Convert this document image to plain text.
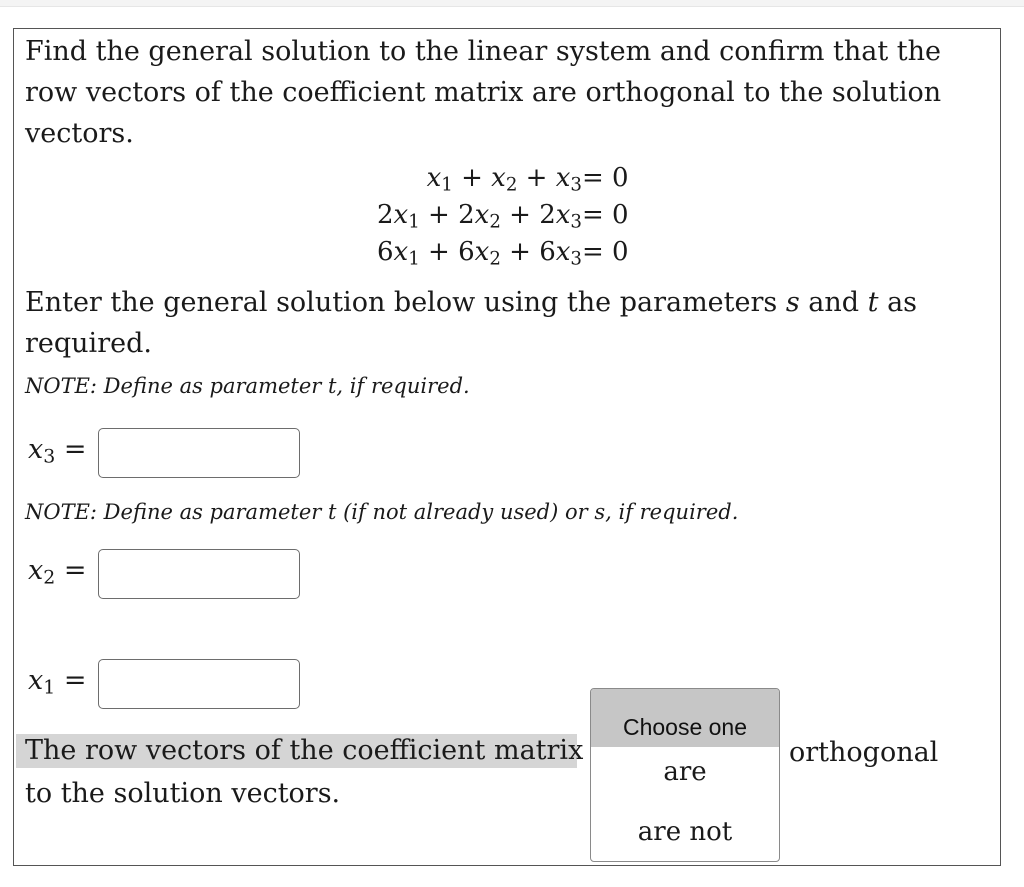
Find the general solution to the linear system and confirm that the row vectors of the coefficient matrix are orthogonal to the solution vectors.
$x_1 + x_2 + x_3 = 0$
$2x_1 + 2x_2 + 2x_3 = 0$
$6x_1 + 6x_2 + 6x_3 = 0$
Enter the general solution below using the parameters s and t as required.
NOTE: Define as parameter t, if required.
$x_3$ =
NOTE: Define as parameter t (if not already used) or s, if required.
$x_2$ =
$x_1$ =
The row vectors of the coefficient matrix
to the solution vectors.
orthogonal
Choose one
are
are not
